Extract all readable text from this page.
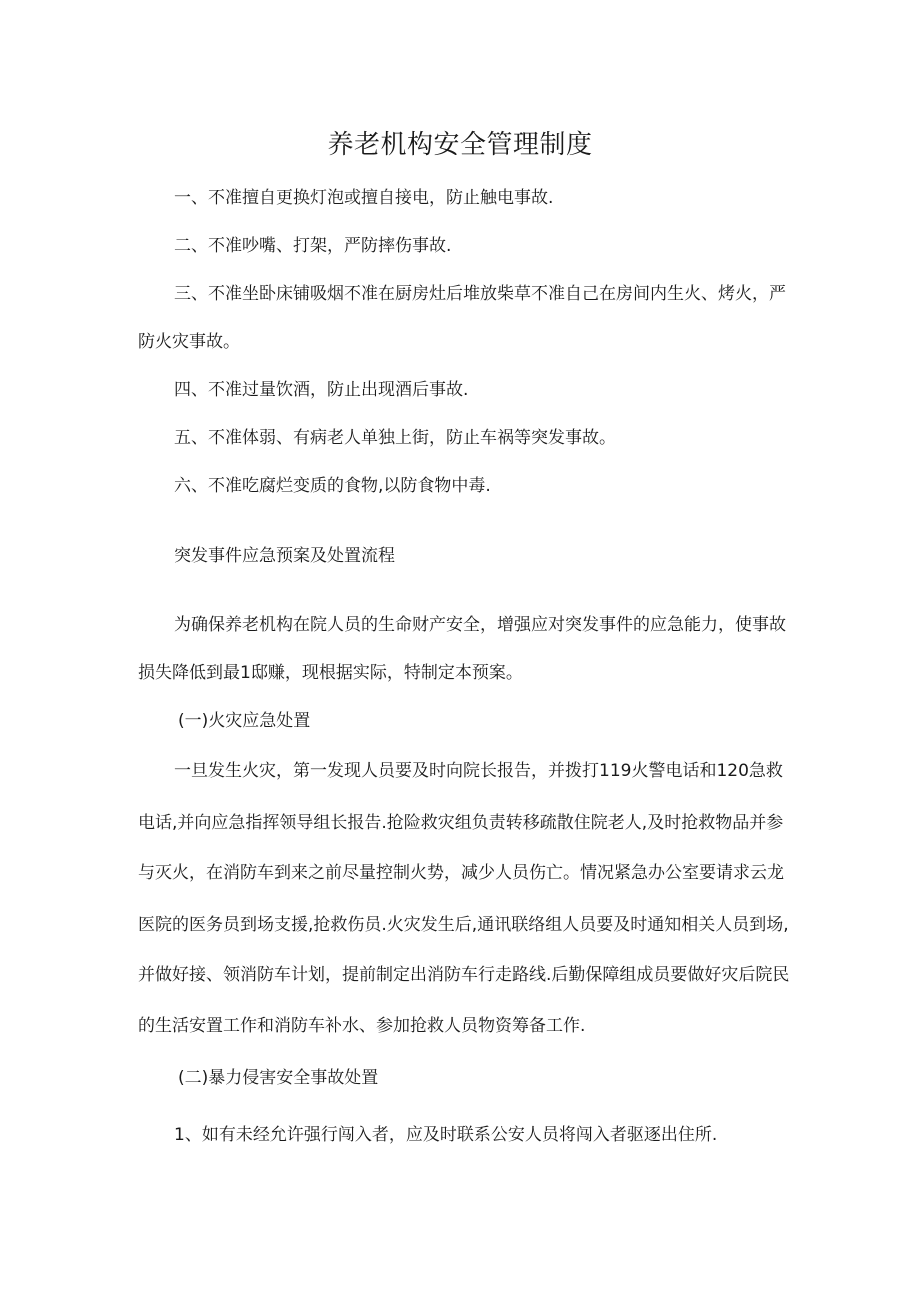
养老机构安全管理制度
一、不准擅自更换灯泡或擅自接电，防止触电事故.
二、不准吵嘴、打架，严防摔伤事故.
三、不准坐卧床铺吸烟不准在厨房灶后堆放柴草不准自己在房间内生火、烤火，严
防火灾事故。
四、不准过量饮酒，防止出现酒后事故.
五、不准体弱、有病老人单独上街，防止车祸等突发事故。
六、不准吃腐烂变质的食物,以防食物中毒.
突发事件应急预案及处置流程
为确保养老机构在院人员的生命财产安全，增强应对突发事件的应急能力，使事故
损失降低到最1邸赚，现根据实际，特制定本预案。
(一)火灾应急处置
一旦发生火灾，第一发现人员要及时向院长报告，并拨打119火警电话和120急救
电话,并向应急指挥领导组长报告.抢险救灾组负责转移疏散住院老人,及时抢救物品并参
与灭火，在消防车到来之前尽量控制火势，减少人员伤亡。情况紧急办公室要请求云龙
医院的医务员到场支援,抢救伤员.火灾发生后,通讯联络组人员要及时通知相关人员到场,
并做好接、领消防车计划，提前制定出消防车行走路线.后勤保障组成员要做好灾后院民
的生活安置工作和消防车补水、参加抢救人员物资筹备工作.
(二)暴力侵害安全事故处置
1、如有未经允许强行闯入者，应及时联系公安人员将闯入者驱逐出住所.
